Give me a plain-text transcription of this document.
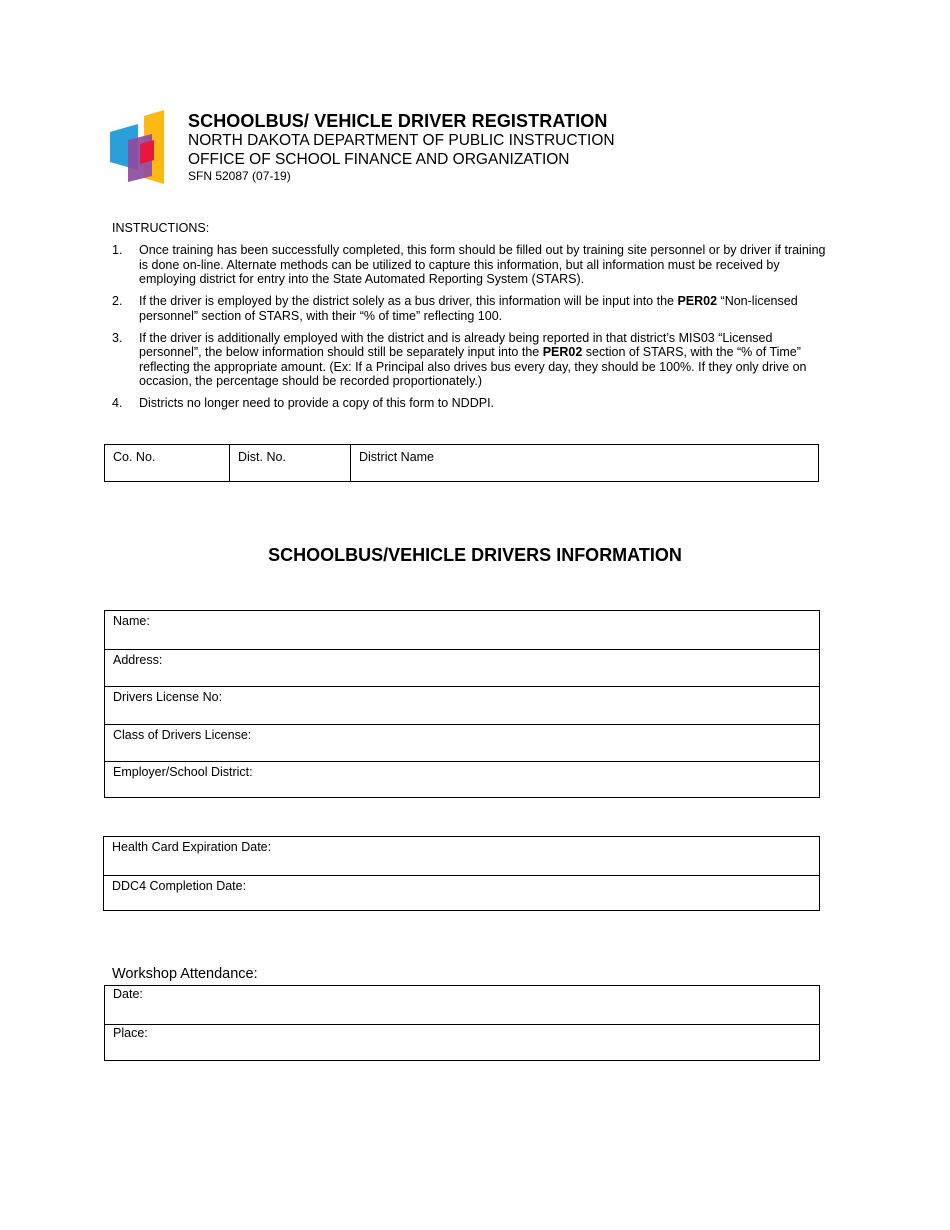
SCHOOLBUS/ VEHICLE DRIVER REGISTRATION
NORTH DAKOTA DEPARTMENT OF PUBLIC INSTRUCTION
OFFICE OF SCHOOL FINANCE AND ORGANIZATION
SFN 52087 (07-19)
INSTRUCTIONS:
1. Once training has been successfully completed, this form should be filled out by training site personnel or by driver if training is done on-line. Alternate methods can be utilized to capture this information, but all information must be received by employing district for entry into the State Automated Reporting System (STARS).
2. If the driver is employed by the district solely as a bus driver, this information will be input into the PER02 “Non-licensed personnel” section of STARS, with their “% of time” reflecting 100.
3. If the driver is additionally employed with the district and is already being reported in that district’s MIS03 “Licensed personnel”, the below information should still be separately input into the PER02 section of STARS, with the “% of Time” reflecting the appropriate amount. (Ex: If a Principal also drives bus every day, they should be 100%. If they only drive on occasion, the percentage should be recorded proportionately.)
4. Districts no longer need to provide a copy of this form to NDDPI.
Co. No.	Dist. No.	District Name
SCHOOLBUS/VEHICLE DRIVERS INFORMATION
Name:
Address:
Drivers License No:
Class of Drivers License:
Employer/School District:
Health Card Expiration Date:
DDC4 Completion Date:
Workshop Attendance:
Date:
Place:
